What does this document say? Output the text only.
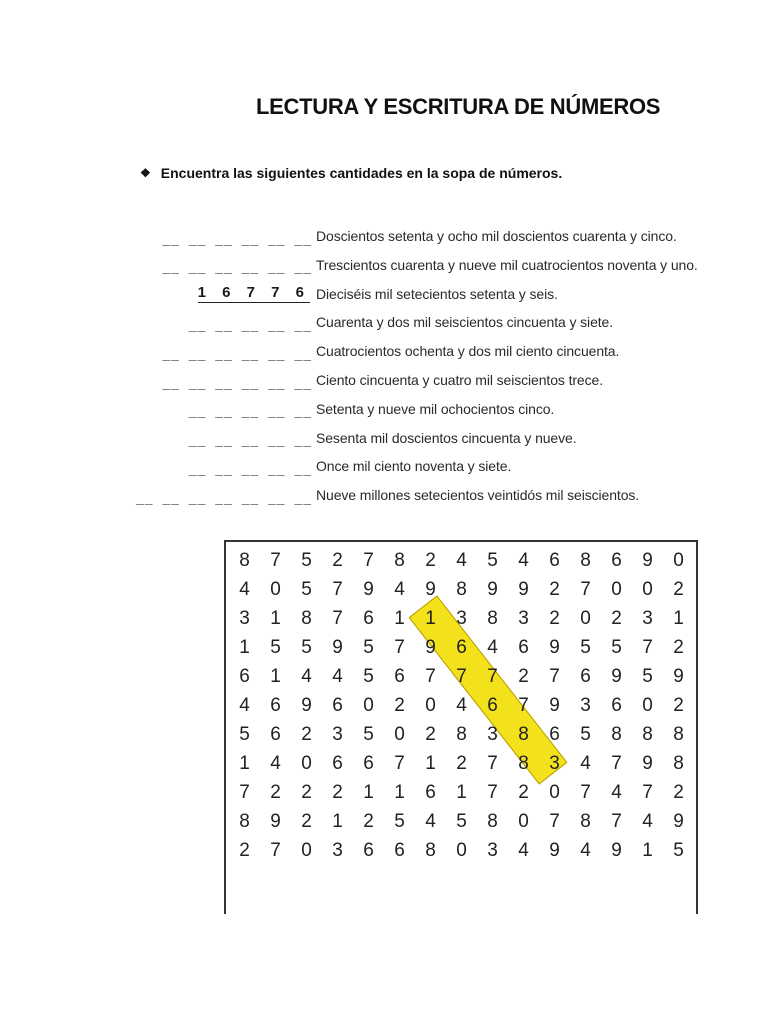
LECTURA Y ESCRITURA DE NÚMEROS
❖ Encuentra las siguientes cantidades en la sopa de números.
__ __ __ __ __ __ Doscientos setenta y ocho mil doscientos cuarenta y cinco.
__ __ __ __ __ __ Trescientos cuarenta y nueve mil cuatrocientos noventa y uno.
1 6 7 7 6 Dieciséis mil setecientos setenta y seis.
__ __ __ __ __ Cuarenta y dos mil seiscientos cincuenta y siete.
__ __ __ __ __ __ Cuatrocientos ochenta y dos mil ciento cincuenta.
__ __ __ __ __ __ Ciento cincuenta y cuatro mil seiscientos trece.
__ __ __ __ __ Setenta y nueve mil ochocientos cinco.
__ __ __ __ __ Sesenta mil doscientos cincuenta y nueve.
__ __ __ __ __ Once mil ciento noventa y siete.
__ __ __ __ __ __ __ Nueve millones setecientos veintidós mil seiscientos.
8	7	5	2	7	8	2	4	5	4	6	8	6	9	0
4	0	5	7	9	4	9	8	9	9	2	7	0	0	2
3	1	8	7	6	1	1	3	8	3	2	0	2	3	1
1	5	5	9	5	7	9	6	4	6	9	5	5	7	2
6	1	4	4	5	6	7	7	7	2	7	6	9	5	9
4	6	9	6	0	2	0	4	6	7	9	3	6	0	2
5	6	2	3	5	0	2	8	3	8	6	5	8	8	8
1	4	0	6	6	7	1	2	7	8	3	4	7	9	8
7	2	2	2	1	1	6	1	7	2	0	7	4	7	2
8	9	2	1	2	5	4	5	8	0	7	8	7	4	9
2	7	0	3	6	6	8	0	3	4	9	4	9	1	5
